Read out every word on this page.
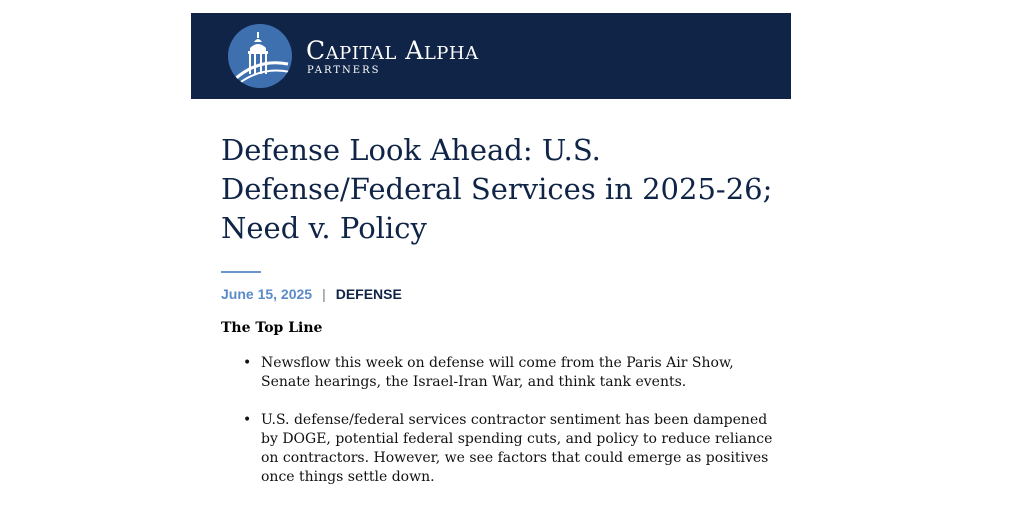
Capital Alpha
PARTNERS
Defense Look Ahead: U.S. Defense/Federal Services in 2025-26; Need v. Policy
June 15, 2025 | DEFENSE
The Top Line
• Newsflow this week on defense will come from the Paris Air Show, Senate hearings, the Israel-Iran War, and think tank events.
• U.S. defense/federal services contractor sentiment has been dampened by DOGE, potential federal spending cuts, and policy to reduce reliance on contractors. However, we see factors that could emerge as positives once things settle down.
